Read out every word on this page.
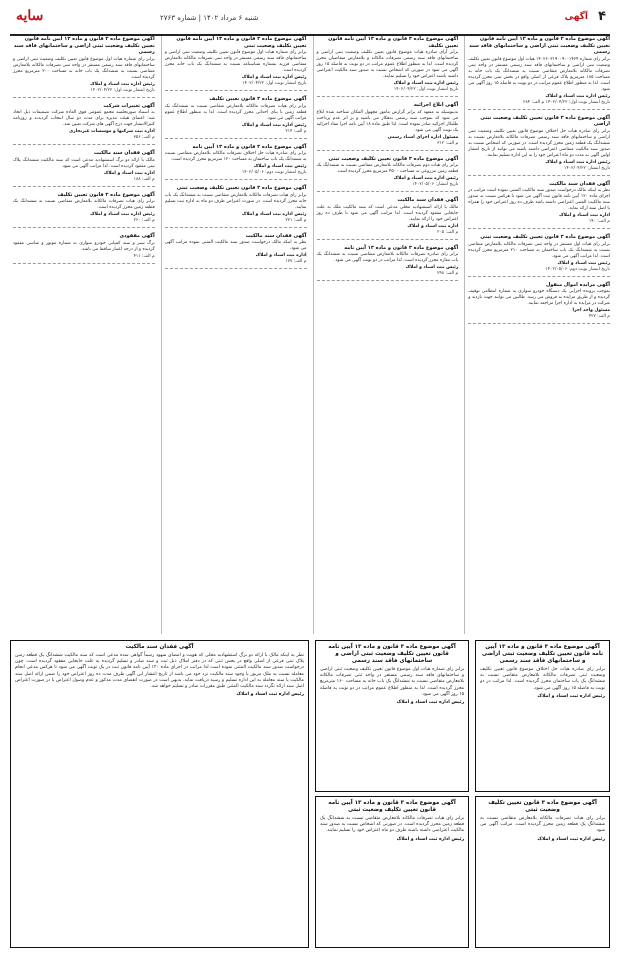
سایه	شنبه ۶ مرداد ۱۴۰۲ | شماره ۲۷۶۳	آگهی ۴
آگهی موضوع ماده ۳ قانون و ماده ۱۳ آیین نامه قانون تعیین تکلیف وضعیت ثبتی اراضی و ساختمانهای فاقد سند رسمی
برابر رای شماره ۱۴۰۲۶۰۳۱۹۰۰۹۰۰۱۴۶۴ هیات اول موضوع قانون تعیین تکلیف وضعیت ثبتی اراضی و ساختمانهای فاقد سند رسمی مستقر در واحد ثبتی تصرفات مالکانه بلامعارض متقاضی نسبت به ششدانگ یک باب خانه به مساحت ۱۸۵ مترمربع پلاک فرعی از اصلی واقع در بخش ثبتی محرز گردیده است. لذا به منظور اطلاع عموم مراتب در دو نوبت به فاصله ۱۵ روز آگهی می شود.
رئیس اداره ثبت اسناد و املاک
تاریخ انتشار نوبت اول: ۱۴۰۲/۰۴/۲۲ م الف: ۲۸۴
آگهی موضوع ماده ۳ قانون تعیین تکلیف وضعیت ثبتی اراضی
برابر رای صادره هیات حل اختلاف موضوع قانون تعیین تکلیف وضعیت ثبتی اراضی و ساختمانهای فاقد سند رسمی تصرفات مالکانه بلامعارض نسبت به ششدانگ یک قطعه زمین محرز گردیده است. در صورتی که اشخاص نسبت به صدور سند مالکیت متقاضی اعتراضی داشته باشند می توانند از تاریخ انتشار اولین آگهی به مدت دو ماه اعتراض خود را به این اداره تسلیم نمایند.
رئیس اداره ثبت اسناد و املاک
تاریخ انتشار: ۱۴۰۲/۰۴/۲۲
آگهی فقدان سند مالکیت
نظر به اینکه مالک درخواست صدور سند مالکیت المثنی نموده است مراتب در اجرای ماده ۱۲۰ آیین نامه قانون ثبت آگهی می شود تا هرکس نسبت به صدور سند مالکیت المثنی اعتراضی داشته باشد ظرف ده روز اعتراض خود را همراه با اصل سند ارائه نماید.
اداره ثبت اسناد و املاک
م الف: ۱۹۰
آگهی موضوع ماده ۳ قانون تعیین تکلیف وضعیت ثبتی
برابر رای هیات اول مستقر در واحد ثبتی تصرفات مالکانه بلامعارض متقاضی نسبت به ششدانگ یک باب ساختمان به مساحت ۲۱۰ مترمربع محرز گردیده است. لذا مراتب آگهی می شود.
رئیس ثبت اسناد و املاک
تاریخ انتشار نوبت دوم: ۱۴۰۲/۰۵/۰۶
آگهی مزایده اموال منقول
بموجب پرونده اجرایی یک دستگاه خودرو سواری به شماره انتظامی توقیف گردیده و از طریق مزایده به فروش می رسد. طالبین می توانند جهت بازدید و شرکت در مزایده به اداره اجرا مراجعه نمایند.
مسئول واحد اجرا
م الف: ۴۲۷
آگهی موضوع ماده ۳ قانون و ماده ۱۳ آیین نامه قانون تعیین تکلیف
برابر آرای صادره هیات موضوع قانون تعیین تکلیف وضعیت ثبتی اراضی و ساختمانهای فاقد سند رسمی تصرفات مالکانه و بلامعارض متقاضیان محرز گردیده است. لذا به منظور اطلاع عموم مراتب در دو نوبت به فاصله ۱۵ روز آگهی می شود در صورتی که اشخاص نسبت به صدور سند مالکیت اعتراضی داشته باشند اعتراض خود را تسلیم نمایند.
رئیس اداره ثبت اسناد و املاک
تاریخ انتشار نوبت اول: ۱۴۰۲/۰۴/۲۲
آگهی ابلاغ اجرائیه
بدینوسیله به متعهد که برابر گزارش مامور مجهول المکان شناخته شده ابلاغ می شود که بموجب سند رسمی بدهکار می باشید و بر اثر عدم پرداخت طلبکار اجرائیه صادر نموده است. لذا طبق ماده ۱۸ آیین نامه اجرا مفاد اجرائیه یک نوبت آگهی می شود.
مسئول اداره اجرای اسناد رسمی
م الف: ۳۱۲
آگهی موضوع ماده ۳ قانون تعیین تکلیف وضعیت ثبتی
برابر رای هیات دوم تصرفات مالکانه بلامعارض متقاضی نسبت به ششدانگ یک قطعه زمین مزروعی به مساحت ۴۵۰۰ مترمربع محرز گردیده است.
رئیس اداره ثبت اسناد و املاک
تاریخ انتشار: ۱۴۰۲/۰۵/۰۶
آگهی فقدان سند مالکیت
مالک با ارائه استشهادیه محلی مدعی است که سند مالکیت ملک به علت جابجایی مفقود گردیده است. لذا مراتب آگهی می شود تا ظرف ده روز اعتراض خود را ارائه نمایند.
اداره ثبت اسناد و املاک
م الف: ۲۰۵
آگهی موضوع ماده ۳ قانون و ماده ۱۳ آیین نامه
برابر رای صادره تصرفات مالکانه بلامعارض متقاضی نسبت به ششدانگ یک باب مغازه محرز گردیده است. لذا مراتب در دو نوبت آگهی می شود.
رئیس ثبت اسناد و املاک
م الف: ۲۹۸
آگهی موضوع ماده ۳ قانون و ماده ۱۳ آیین نامه قانون تعیین تکلیف وضعیت ثبتی
برابر رای شماره هیات اول موضوع قانون تعیین تکلیف وضعیت ثبتی اراضی و ساختمانهای فاقد سند رسمی مستقر در واحد ثبتی تصرفات مالکانه بلامعارض متقاضی فرزند بشماره شناسنامه نسبت به ششدانگ یک باب خانه محرز گردیده است.
رئیس اداره ثبت اسناد و املاک
تاریخ انتشار نوبت اول: ۱۴۰۲/۰۴/۲۲
آگهی موضوع ماده ۳ قانون تعیین تکلیف
برابر رای هیات تصرفات مالکانه بلامعارض متقاضی نسبت به ششدانگ یک قطعه زمین با بنای احداثی محرز گردیده است. لذا به منظور اطلاع عموم مراتب آگهی می شود.
رئیس اداره ثبت اسناد و املاک
م الف: ۲۱۴
آگهی موضوع ماده ۳ قانون و ماده ۱۳ آیین نامه
برابر رای صادره هیات حل اختلاف تصرفات مالکانه بلامعارض متقاضی نسبت به ششدانگ یک باب ساختمان به مساحت ۱۲۰ مترمربع محرز گردیده است.
رئیس ثبت اسناد و املاک
تاریخ انتشار نوبت دوم: ۱۴۰۲/۰۵/۰۶
آگهی موضوع ماده ۳ قانون تعیین تکلیف وضعیت ثبتی
برابر رای هیات تصرفات مالکانه بلامعارض متقاضی نسبت به ششدانگ یک باب خانه محرز گردیده است. در صورت اعتراض ظرف دو ماه به اداره ثبت تسلیم نمایند.
رئیس اداره ثبت اسناد و املاک
م الف: ۲۳۱
آگهی فقدان سند مالکیت
نظر به اینکه مالک درخواست صدور سند مالکیت المثنی نموده مراتب آگهی می شود.
اداره ثبت اسناد و املاک
م الف: ۱۷۷
آگهی موضوع ماده ۳ قانون و ماده ۱۳ آیین نامه قانون تعیین تکلیف وضعیت ثبتی اراضی و ساختمانهای فاقد سند رسمی
برابر رای شماره هیات اول موضوع قانون تعیین تکلیف وضعیت ثبتی اراضی و ساختمانهای فاقد سند رسمی مستقر در واحد ثبتی تصرفات مالکانه بلامعارض متقاضی نسبت به ششدانگ یک باب خانه به مساحت ۲۰۰ مترمربع محرز گردیده است.
رئیس اداره ثبت اسناد و املاک
تاریخ انتشار نوبت اول: ۱۴۰۲/۰۴/۲۲
آگهی تغییرات شرکت
به استناد صورتجلسه مجمع عمومی فوق العاده شرکت تصمیمات ذیل اتخاذ شد: اعضای هیئت مدیره برای مدت دو سال انتخاب گردیدند و روزنامه کثیرالانتشار جهت درج آگهی های شرکت تعیین شد.
اداره ثبت شرکتها و موسسات غیرتجاری
م الف: ۳۵۶
آگهی فقدان سند مالکیت
مالک با ارائه دو برگ استشهادیه مدعی است که سند مالکیت ششدانگ پلاک ثبتی مفقود گردیده است. لذا مراتب آگهی می شود.
اداره ثبت اسناد و املاک
م الف: ۱۸۸
آگهی موضوع ماده ۳ قانون تعیین تکلیف
برابر رای هیات تصرفات مالکانه بلامعارض متقاضی نسبت به ششدانگ یک قطعه زمین محرز گردیده است.
رئیس اداره ثبت اسناد و املاک
م الف: ۲۶۰
آگهی مفقودی
برگ سبز و سند کمپانی خودرو سواری به شماره موتور و شاسی مفقود گردیده و از درجه اعتبار ساقط می باشد.
م الف: ۴۱۱
آگهی موضوع ماده ۳ قانون و ماده ۱۳ آیین نامه قانون تعیین تکلیف وضعیت ثبتی اراضی و ساختمانهای فاقد سند رسمی
برابر رای صادره هیات حل اختلاف موضوع قانون تعیین تکلیف وضعیت ثبتی تصرفات مالکانه بلامعارض متقاضی نسبت به ششدانگ یک باب ساختمان محرز گردیده است. لذا مراتب در دو نوبت به فاصله ۱۵ روز آگهی می شود.
رئیس اداره ثبت اسناد و املاک
آگهی موضوع ماده ۳ قانون تعیین تکلیف وضعیت ثبتی
برابر رای هیات تصرفات مالکانه بلامعارض متقاضی نسبت به ششدانگ یک قطعه زمین محرز گردیده است. مراتب آگهی می شود.
رئیس اداره ثبت اسناد و املاک
آگهی موضوع ماده ۳ قانون و ماده ۱۳ آیین نامه قانون تعیین تکلیف وضعیت ثبتی اراضی و ساختمانهای فاقد سند رسمی
برابر رای شماره هیات اول موضوع قانون تعیین تکلیف وضعیت ثبتی اراضی و ساختمانهای فاقد سند رسمی مستقر در واحد ثبتی تصرفات مالکانه بلامعارض متقاضی نسبت به ششدانگ یک باب خانه به مساحت ۱۶۰ مترمربع محرز گردیده است. لذا به منظور اطلاع عموم مراتب در دو نوبت به فاصله ۱۵ روز آگهی می شود.
رئیس اداره ثبت اسناد و املاک
آگهی موضوع ماده ۳ قانون و ماده ۱۳ آیین نامه قانون تعیین تکلیف وضعیت ثبتی
برابر رای هیات تصرفات مالکانه بلامعارض متقاضی نسبت به ششدانگ یک قطعه زمین محرز گردیده است. در صورتی که اشخاص نسبت به صدور سند مالکیت اعتراضی داشته باشند ظرف دو ماه اعتراض خود را تسلیم نمایند.
رئیس اداره ثبت اسناد و املاک
آگهی فقدان سند مالکیت
نظر به اینکه مالک با ارائه دو برگ استشهادیه محلی که هویت و امضای شهود رسماً گواهی شده مدعی است که سند مالکیت ششدانگ یک قطعه زمین پلاک ثبتی فرعی از اصلی واقع در بخش ثبتی که در دفتر املاک ذیل ثبت و سند صادر و تسلیم گردیده به علت جابجایی مفقود گردیده است. چون درخواست صدور سند مالکیت المثنی نموده است لذا مراتب در اجرای ماده ۱۲۰ آیین نامه قانون ثبت در یک نوبت آگهی می شود تا هرکس مدعی انجام معامله نسبت به ملک مزبور یا وجود سند مالکیت نزد خود می باشد از تاریخ انتشار این آگهی ظرف مدت ده روز اعتراض خود را ضمن ارائه اصل سند مالکیت یا سند معامله به این اداره تسلیم و رسید دریافت نماید. بدیهی است در صورت انقضای مدت مذکور و عدم وصول اعتراض یا در صورت اعتراض اصل سند ارائه نگردد سند مالکیت المثنی طبق مقررات صادر و تسلیم خواهد شد.
رئیس اداره ثبت اسناد و املاک
